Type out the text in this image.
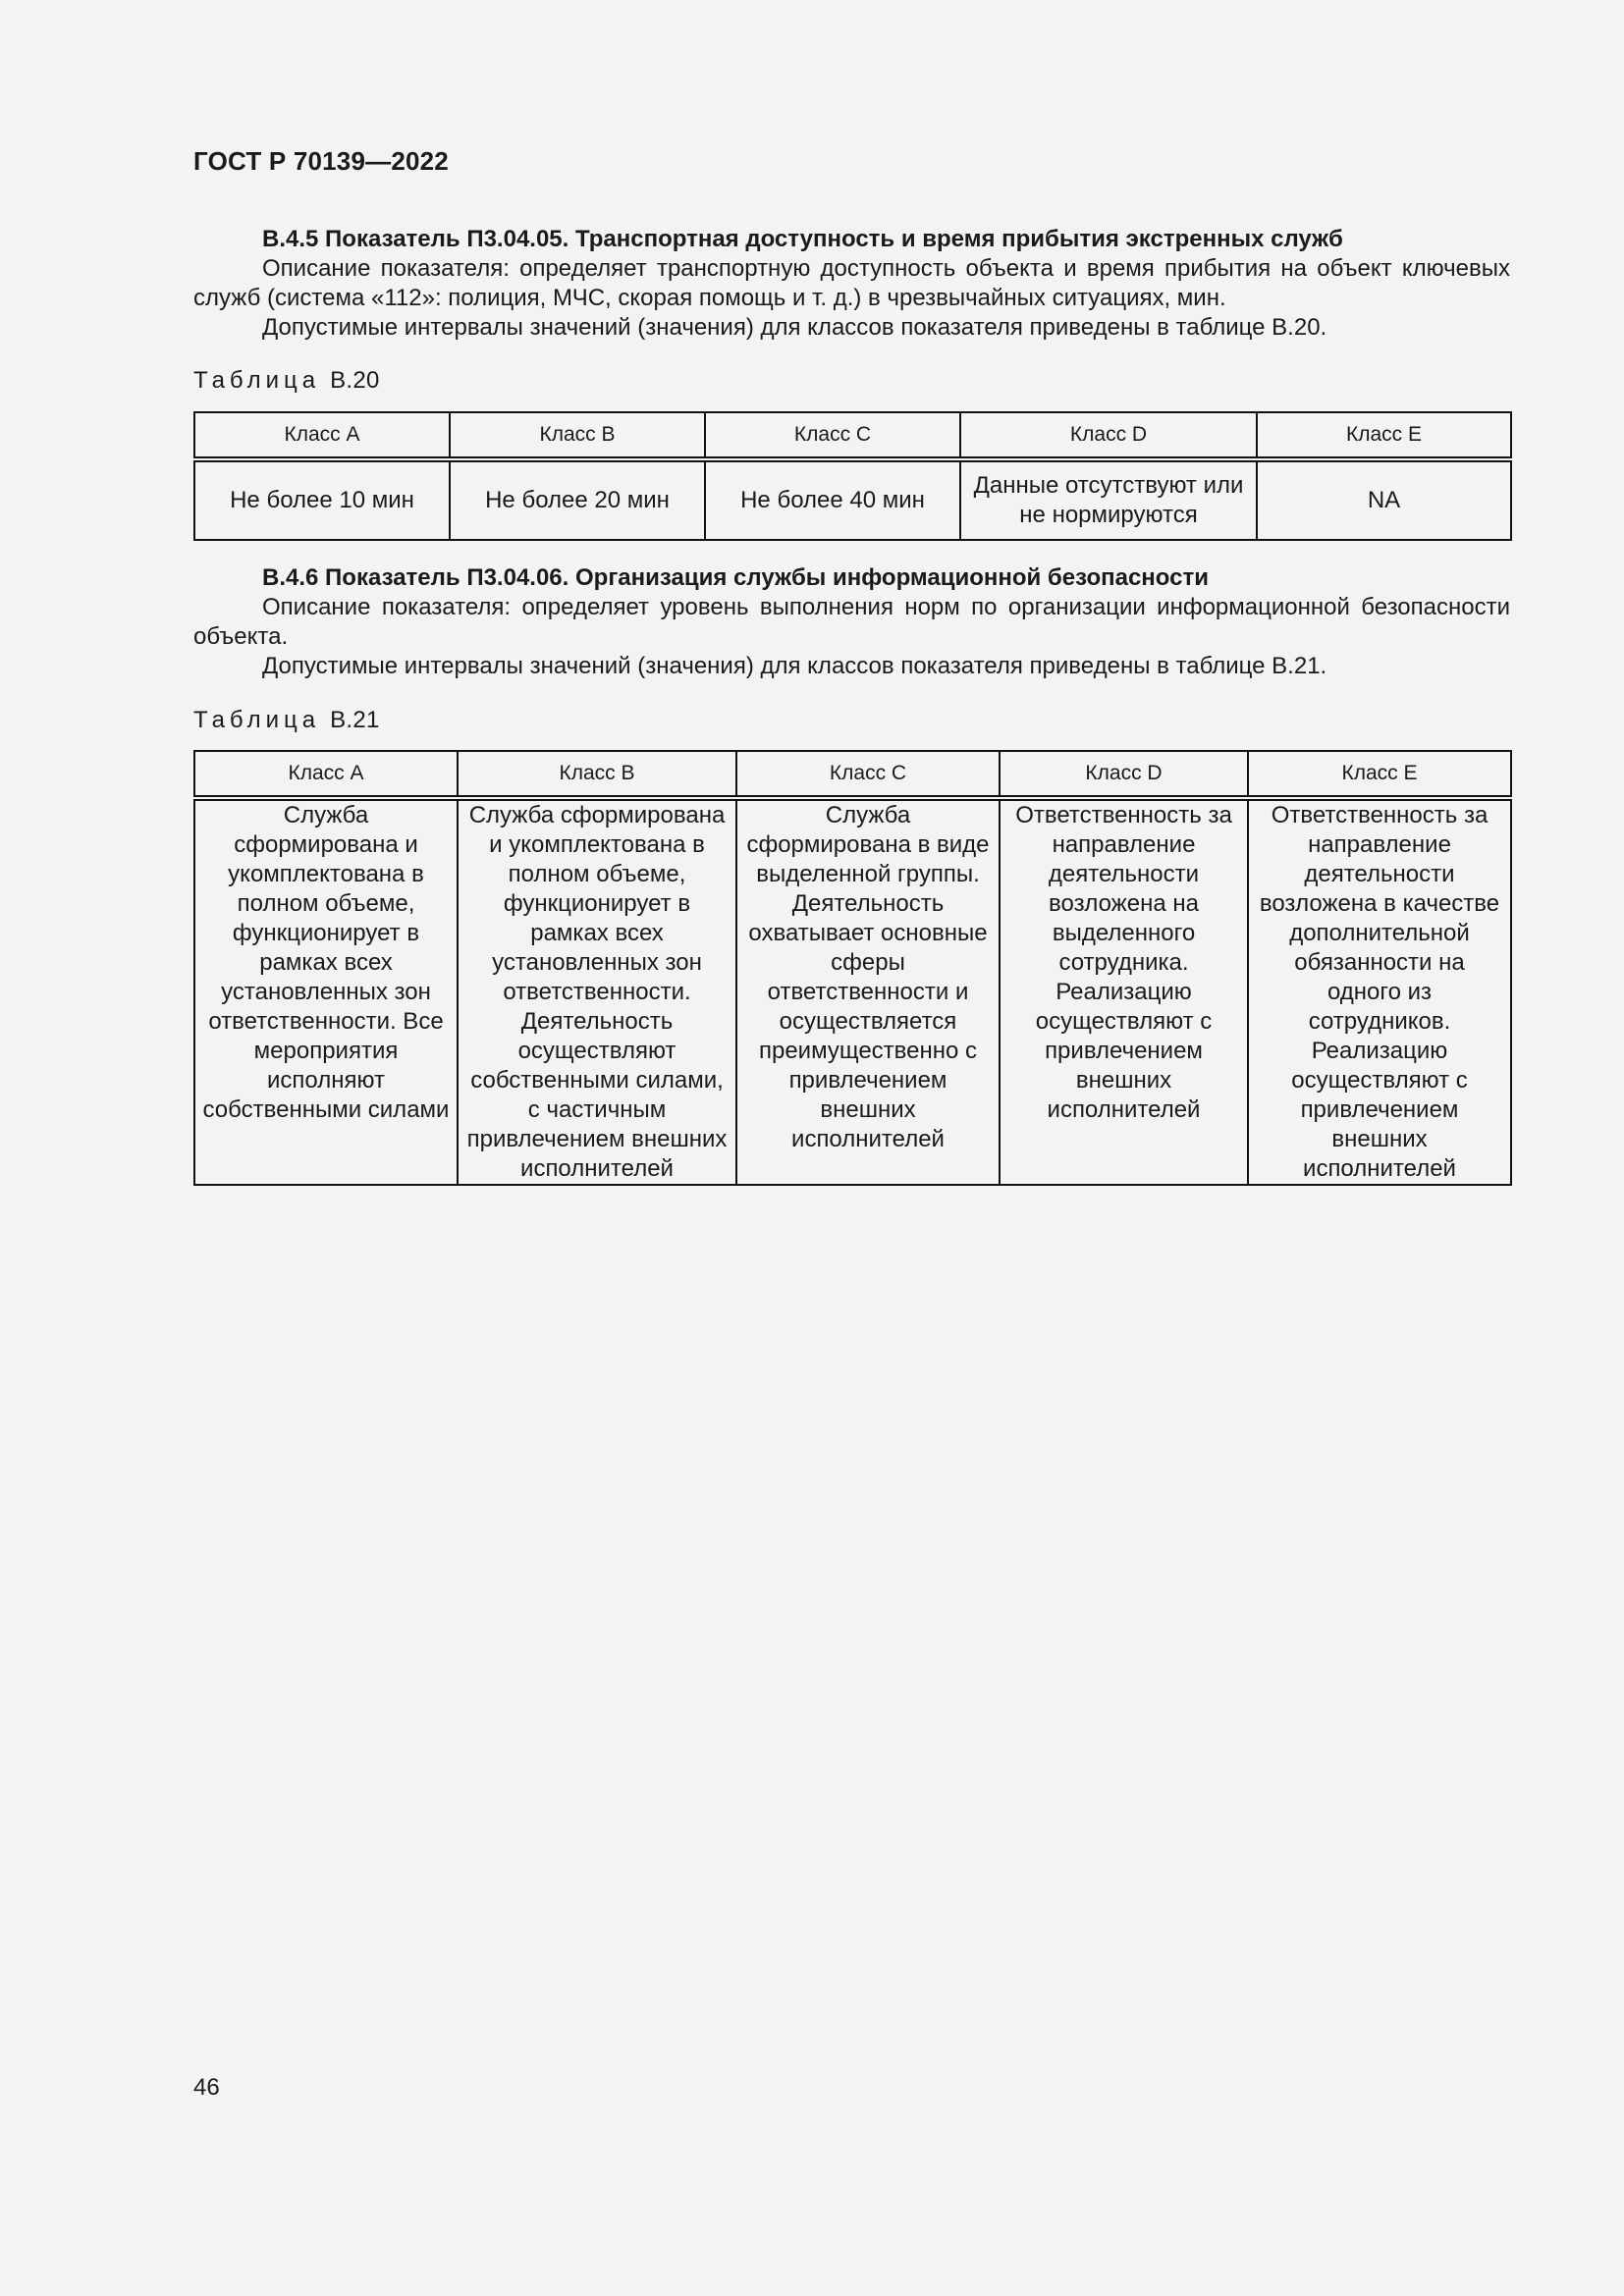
ГОСТ Р 70139—2022

В.4.5 Показатель П3.04.05. Транспортная доступность и время прибытия экстренных служб

Описание показателя: определяет транспортную доступность объекта и время прибытия на объект ключевых служб (система «112»: полиция, МЧС, скорая помощь и т. д.) в чрезвычайных ситуациях, мин.

Допустимые интервалы значений (значения) для классов показателя приведены в таблице В.20.

Таблица В.20
Класс A	Класс B	Класс C	Класс D	Класс E
Не более 10 мин	Не более 20 мин	Не более 40 мин	Данные отсутствуют или не нормируются	NA

В.4.6 Показатель П3.04.06. Организация службы информационной безопасности

Описание показателя: определяет уровень выполнения норм по организации информационной безопасности объекта.

Допустимые интервалы значений (значения) для классов показателя приведены в таблице В.21.

Таблица В.21
Класс A	Класс B	Класс C	Класс D	Класс E
Служба сформирована и укомплектована в полном объеме, функционирует в рамках всех установленных зон ответственности. Все мероприятия исполняют собственными силами	Служба сформирована и укомплектована в полном объеме, функционирует в рамках всех установленных зон ответственности. Деятельность осуществляют собственными силами, с частичным привлечением внешних исполнителей	Служба сформирована в виде выделенной группы. Деятельность охватывает основные сферы ответственности и осуществляется преимущественно с привлечением внешних исполнителей	Ответственность за направление деятельности возложена на выделенного сотрудника. Реализацию осуществляют с привлечением внешних исполнителей	Ответственность за направление деятельности возложена в качестве дополнительной обязанности на одного из сотрудников. Реализацию осуществляют с привлечением внешних исполнителей
46
